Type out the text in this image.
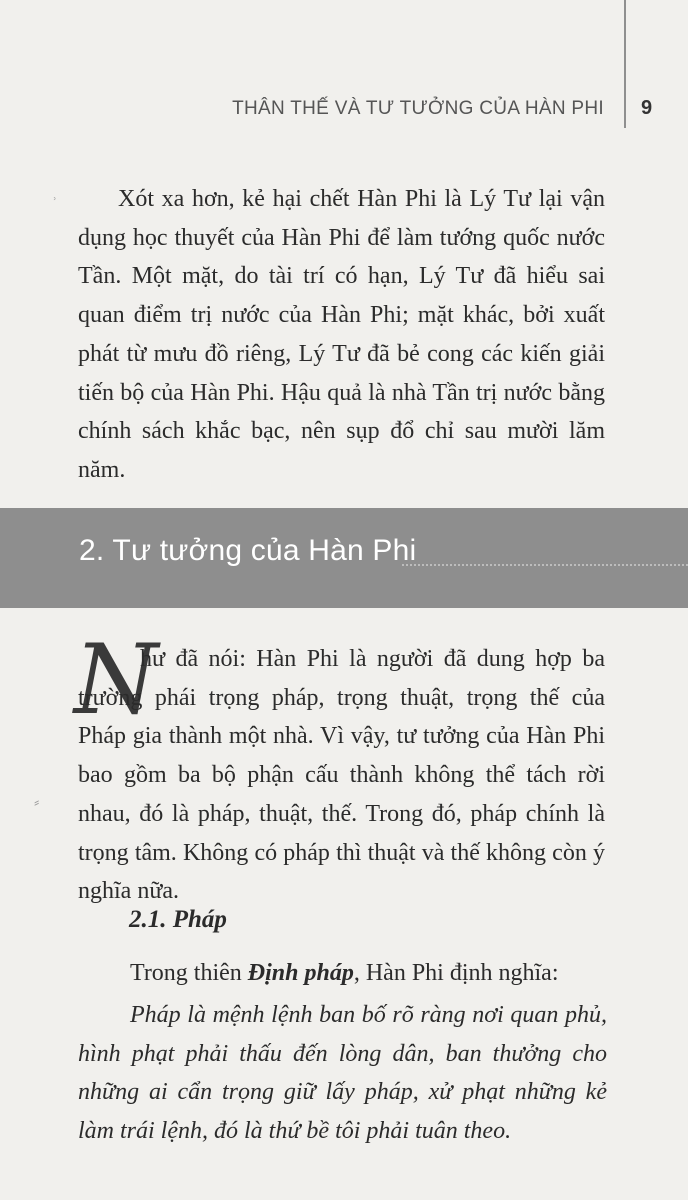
THÂN THẾ VÀ TƯ TƯỞNG CỦA HÀN PHI 9
˒
⸗

Xót xa hơn, kẻ hại chết Hàn Phi là Lý Tư lại vận dụng học thuyết của Hàn Phi để làm tướng quốc nước Tần. Một mặt, do tài trí có hạn, Lý Tư đã hiểu sai quan điểm trị nước của Hàn Phi; mặt khác, bởi xuất phát từ mưu đồ riêng, Lý Tư đã bẻ cong các kiến giải tiến bộ của Hàn Phi. Hậu quả là nhà Tần trị nước bằng chính sách khắc bạc, nên sụp đổ chỉ sau mười lăm năm.

2. Tư tưởng của Hàn Phi
N

hư đã nói: Hàn Phi là người đã dung hợp ba trường phái trọng pháp, trọng thuật, trọng thế của Pháp gia thành một nhà. Vì vậy, tư tưởng của Hàn Phi bao gồm ba bộ phận cấu thành không thể tách rời nhau, đó là pháp, thuật, thế. Trong đó, pháp chính là trọng tâm. Không có pháp thì thuật và thế không còn ý nghĩa nữa.

2.1. Pháp

Trong thiên Định pháp, Hàn Phi định nghĩa:

Pháp là mệnh lệnh ban bố rõ ràng nơi quan phủ, hình phạt phải thấu đến lòng dân, ban thưởng cho những ai cẩn trọng giữ lấy pháp, xử phạt những kẻ làm trái lệnh, đó là thứ bề tôi phải tuân theo.
